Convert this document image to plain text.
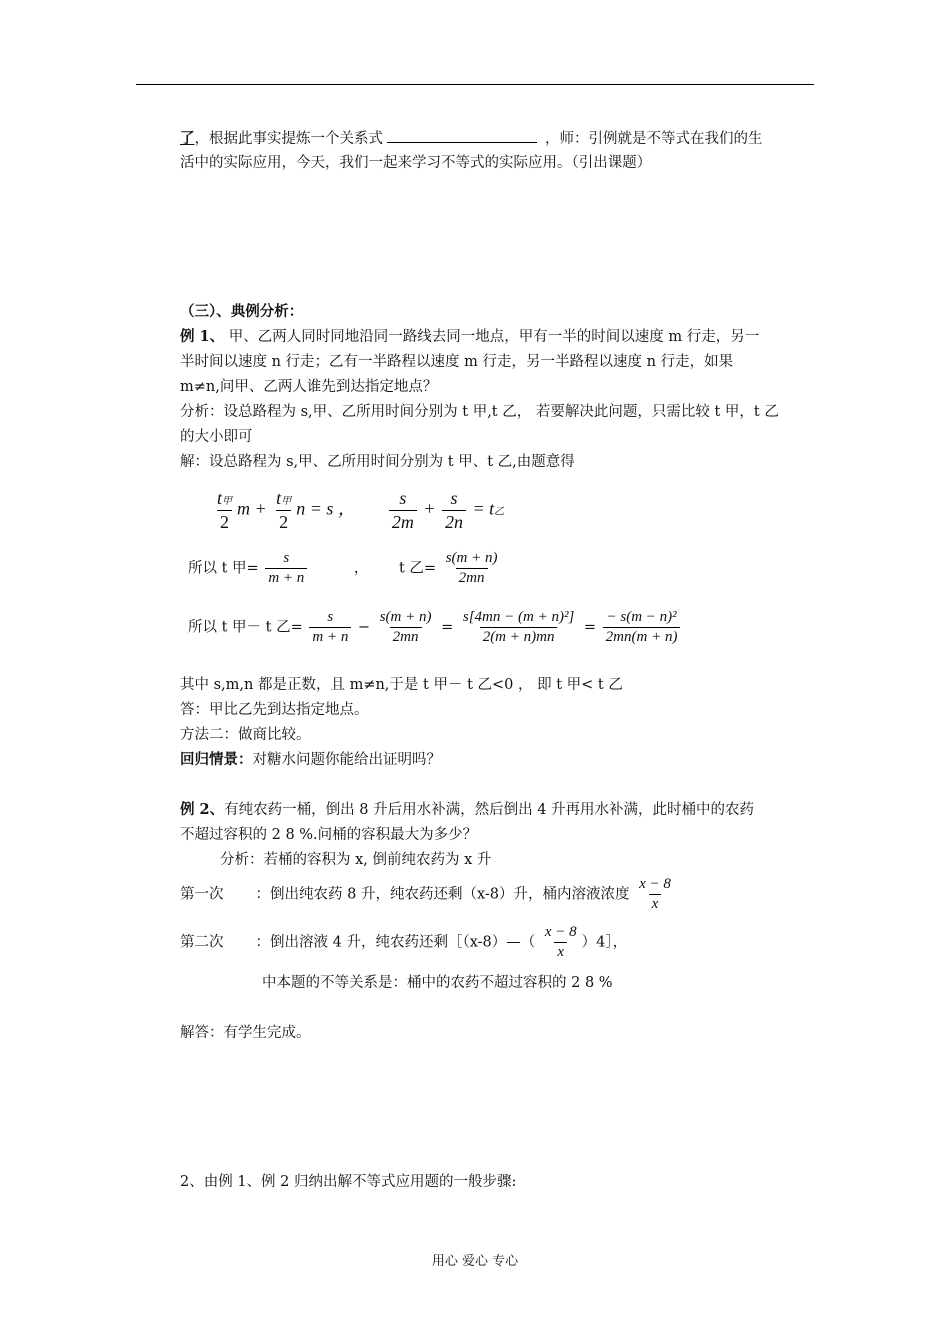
了，根据此事实提炼一个关系式	，师：引例就是不等式在我们的生
活中的实际应用，今天，我们一起来学习不等式的实际应用。（引出课题）
（三）、典例分析：
例 1、 甲、乙两人同时同地沿同一路线去同一地点，甲有一半的时间以速度 m 行走，另一
半时间以速度 n 行走；乙有一半路程以速度 m 行走，另一半路程以速度 n 行走，如果
m≠n,问甲、乙两人谁先到达指定地点？
分析：设总路程为 s,甲、乙所用时间分别为 t 甲,t 乙， 若要解决此问题，只需比较 t 甲，t 乙
的大小即可
解：设总路程为 s,甲、乙所用时间分别为 t 甲、t 乙,由题意得
$\frac{\text{t甲}}{2}$ $m + \frac{\text{t甲}}{2}$ n = s ， $\frac{s}{2m} + \frac{s}{2n} = t$乙
所以 t 甲= $\frac{s}{m + n}$	， t 乙= $\frac{s(m + n)}{2mn}$
所以 t 甲－ t 乙= $\frac{s}{m + n} - \frac{s(m + n)}{2mn} = \frac{\text{s[4mn − (m + n)²]}}{2(m + n)mn} = \frac{\text{− s(m − n)²}}{2mn(m + n)}$
其中 s,m,n 都是正数，且 m≠n,于是 t 甲－ t 乙<0 ， 即 t 甲< t 乙
答：甲比乙先到达指定地点。
方法二：做商比较。
回归情景：对糖水问题你能给出证明吗？
例 2、有纯农药一桶，倒出 8 升后用水补满，然后倒出 4 升再用水补满，此时桶中的农药
不超过容积的 2 8 %.问桶的容积最大为多少？
分析：若桶的容积为 x, 倒前纯农药为 x 升
第一次 ：倒出纯农药 8 升，纯农药还剩（x-8）升，桶内溶液浓度 $\frac{x - 8}{x}$
第二次 ：倒出溶液 4 升，纯农药还剩［（x-8）—（ $\frac{x - 8}{x}$ ）4］，
中本题的不等关系是：桶中的农药不超过容积的 2 8 %
解答：有学生完成。
2、由例 1、例 2 归纳出解不等式应用题的一般步骤:
用心 爱心 专心
